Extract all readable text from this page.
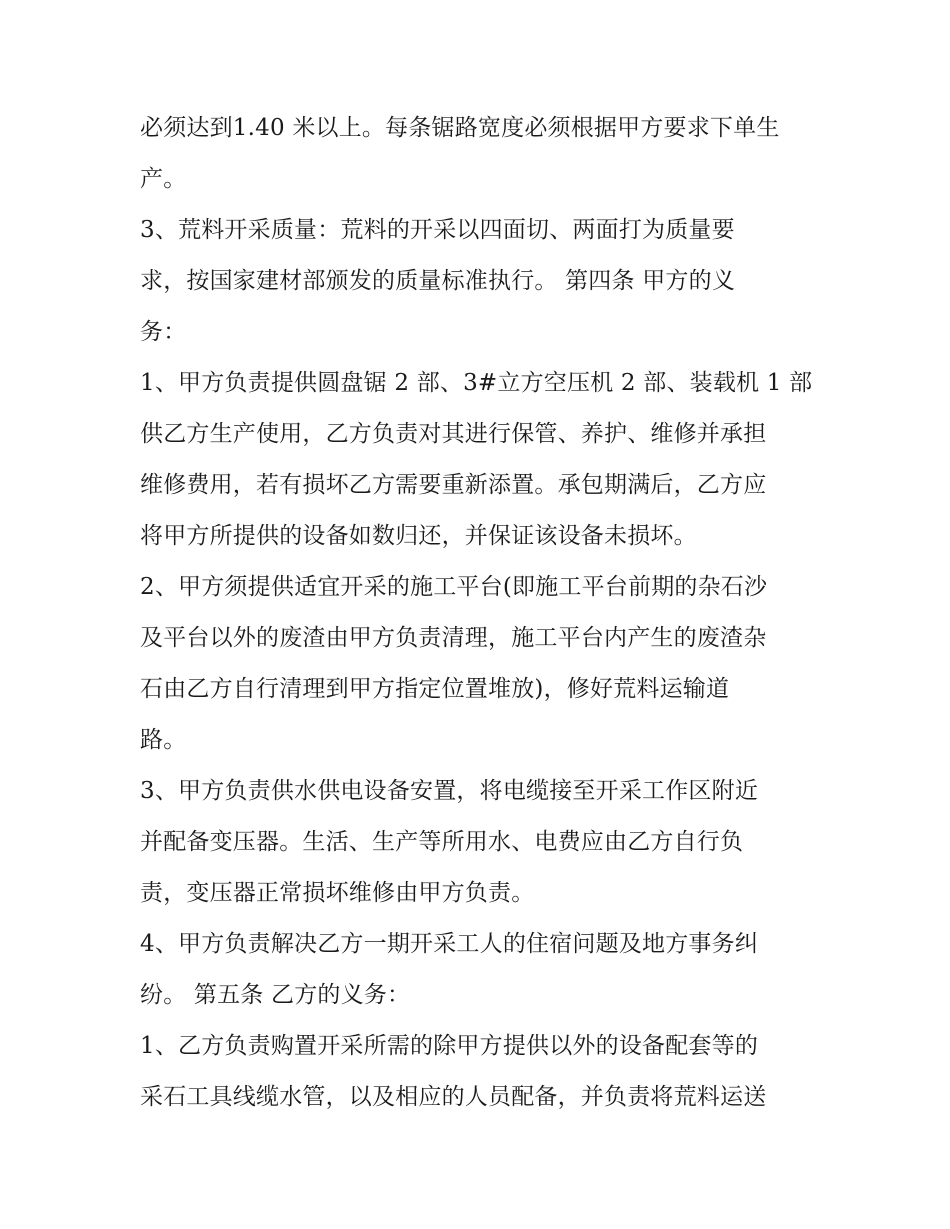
必须达到1.40 米以上。每条锯路宽度必须根据甲方要求下单生
产。
3、荒料开采质量：荒料的开采以四面切、两面打为质量要
求，按国家建材部颁发的质量标准执行。 第四条 甲方的义
务：
1、甲方负责提供圆盘锯 2 部、3#立方空压机 2 部、装载机 1 部
供乙方生产使用，乙方负责对其进行保管、养护、维修并承担
维修费用，若有损坏乙方需要重新添置。承包期满后，乙方应
将甲方所提供的设备如数归还，并保证该设备未损坏。
2、甲方须提供适宜开采的施工平台(即施工平台前期的杂石沙
及平台以外的废渣由甲方负责清理，施工平台内产生的废渣杂
石由乙方自行清理到甲方指定位置堆放)，修好荒料运输道
路。
3、甲方负责供水供电设备安置，将电缆接至开采工作区附近
并配备变压器。生活、生产等所用水、电费应由乙方自行负
责，变压器正常损坏维修由甲方负责。
4、甲方负责解决乙方一期开采工人的住宿问题及地方事务纠
纷。 第五条 乙方的义务：
1、乙方负责购置开采所需的除甲方提供以外的设备配套等的
采石工具线缆水管，以及相应的人员配备，并负责将荒料运送
